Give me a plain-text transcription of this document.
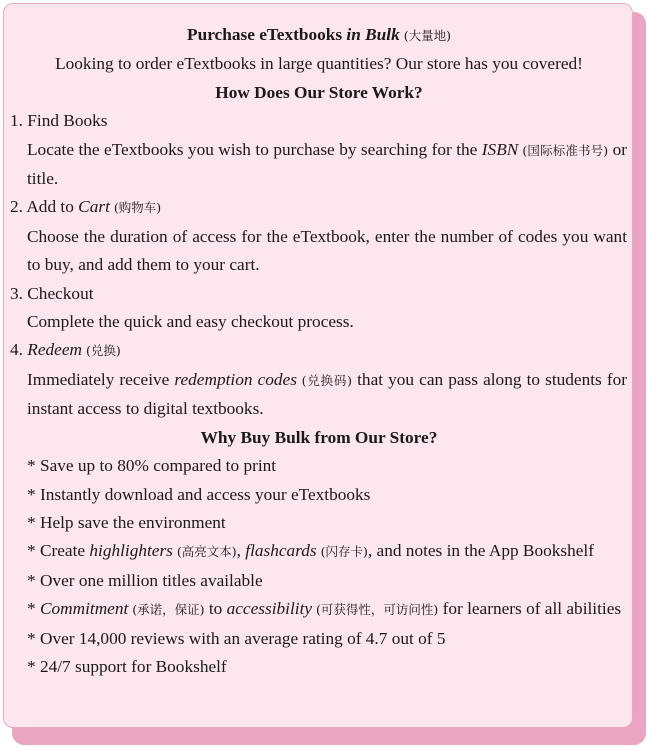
Purchase eTextbooks in Bulk (大量地)
Looking to order eTextbooks in large quantities? Our store has you covered!
How Does Our Store Work?
1. Find Books
Locate the eTextbooks you wish to purchase by searching for the ISBN (国际标准书号) or title.
2. Add to Cart (购物车)
Choose the duration of access for the eTextbook, enter the number of codes you want to buy, and add them to your cart.
3. Checkout
Complete the quick and easy checkout process.
4. Redeem (兑换)
Immediately receive redemption codes (兑换码) that you can pass along to students for instant access to digital textbooks.
Why Buy Bulk from Our Store?
* Save up to 80% compared to print
* Instantly download and access your eTextbooks
* Help save the environment
* Create highlighters (高亮文本), flashcards (闪存卡), and notes in the App Bookshelf
* Over one million titles available
* Commitment (承诺，保证) to accessibility (可获得性，可访问性) for learners of all abilities
* Over 14,000 reviews with an average rating of 4.7 out of 5
* 24/7 support for Bookshelf
